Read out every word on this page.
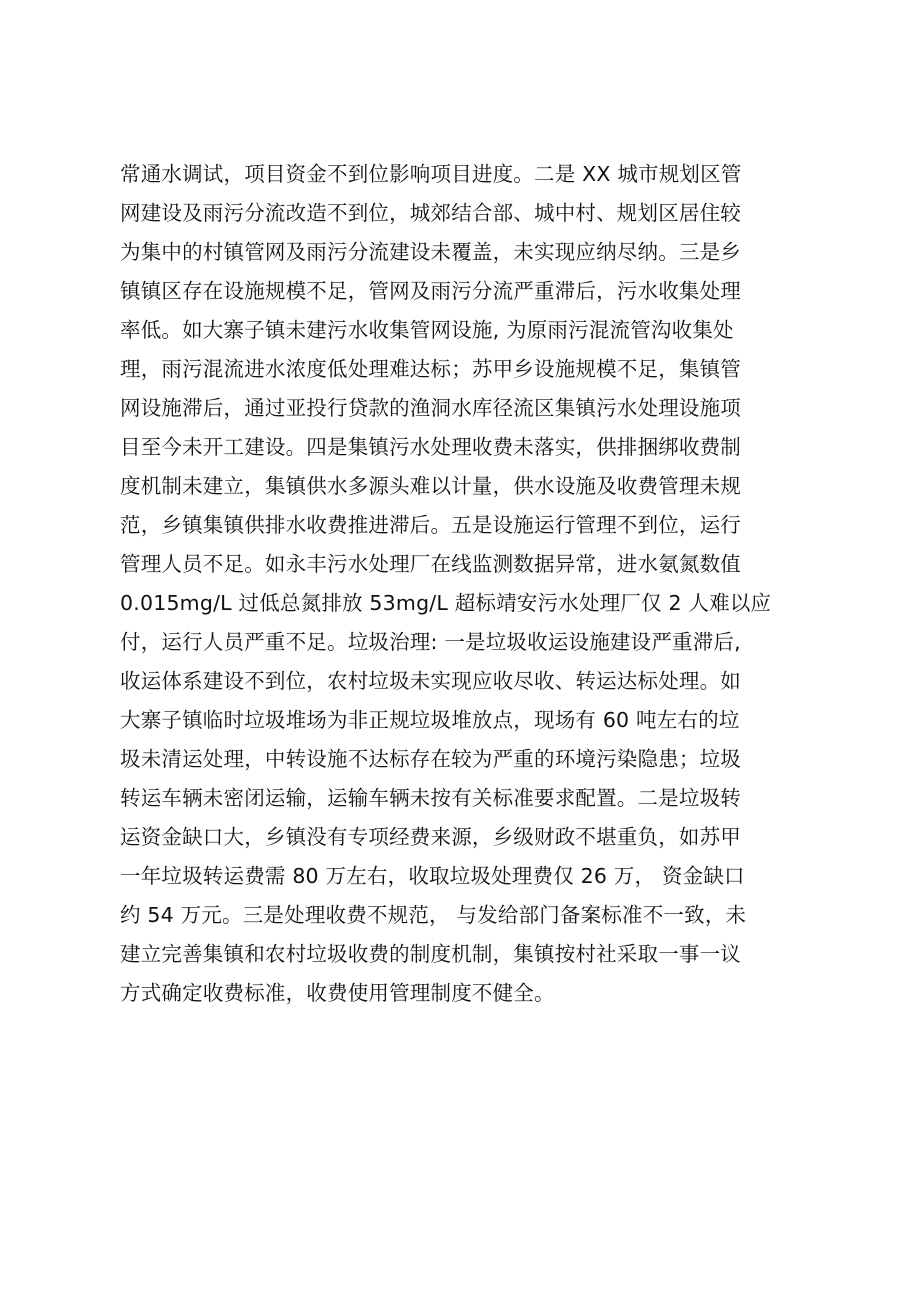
常通水调试，项目资金不到位影响项目进度。二是 XX 城市规划区管
网建设及雨污分流改造不到位，城郊结合部、城中村、规划区居住较
为集中的村镇管网及雨污分流建设未覆盖，未实现应纳尽纳。三是乡
镇镇区存在设施规模不足，管网及雨污分流严重滞后，污水收集处理
率低。如大寨子镇未建污水收集管网设施, 为原雨污混流管沟收集处
理，雨污混流进水浓度低处理难达标；苏甲乡设施规模不足，集镇管
网设施滞后，通过亚投行贷款的渔洞水库径流区集镇污水处理设施项
目至今未开工建设。四是集镇污水处理收费未落实，供排捆绑收费制
度机制未建立，集镇供水多源头难以计量，供水设施及收费管理未规
范，乡镇集镇供排水收费推进滞后。五是设施运行管理不到位，运行
管理人员不足。如永丰污水处理厂在线监测数据异常，进水氨氮数值
0.015mg/L 过低总氮排放 53mg/L 超标靖安污水处理厂仅 2 人难以应
付，运行人员严重不足。垃圾治理: 一是垃圾收运设施建设严重滞后,
收运体系建设不到位，农村垃圾未实现应收尽收、转运达标处理。如
大寨子镇临时垃圾堆场为非正规垃圾堆放点，现场有 60 吨左右的垃
圾未清运处理，中转设施不达标存在较为严重的环境污染隐患；垃圾
转运车辆未密闭运输，运输车辆未按有关标准要求配置。二是垃圾转
运资金缺口大，乡镇没有专项经费来源，乡级财政不堪重负，如苏甲
一年垃圾转运费需 80 万左右，收取垃圾处理费仅 26 万， 资金缺口
约 54 万元。三是处理收费不规范， 与发给部门备案标准不一致，未
建立完善集镇和农村垃圾收费的制度机制，集镇按村社采取一事一议
方式确定收费标准，收费使用管理制度不健全。
